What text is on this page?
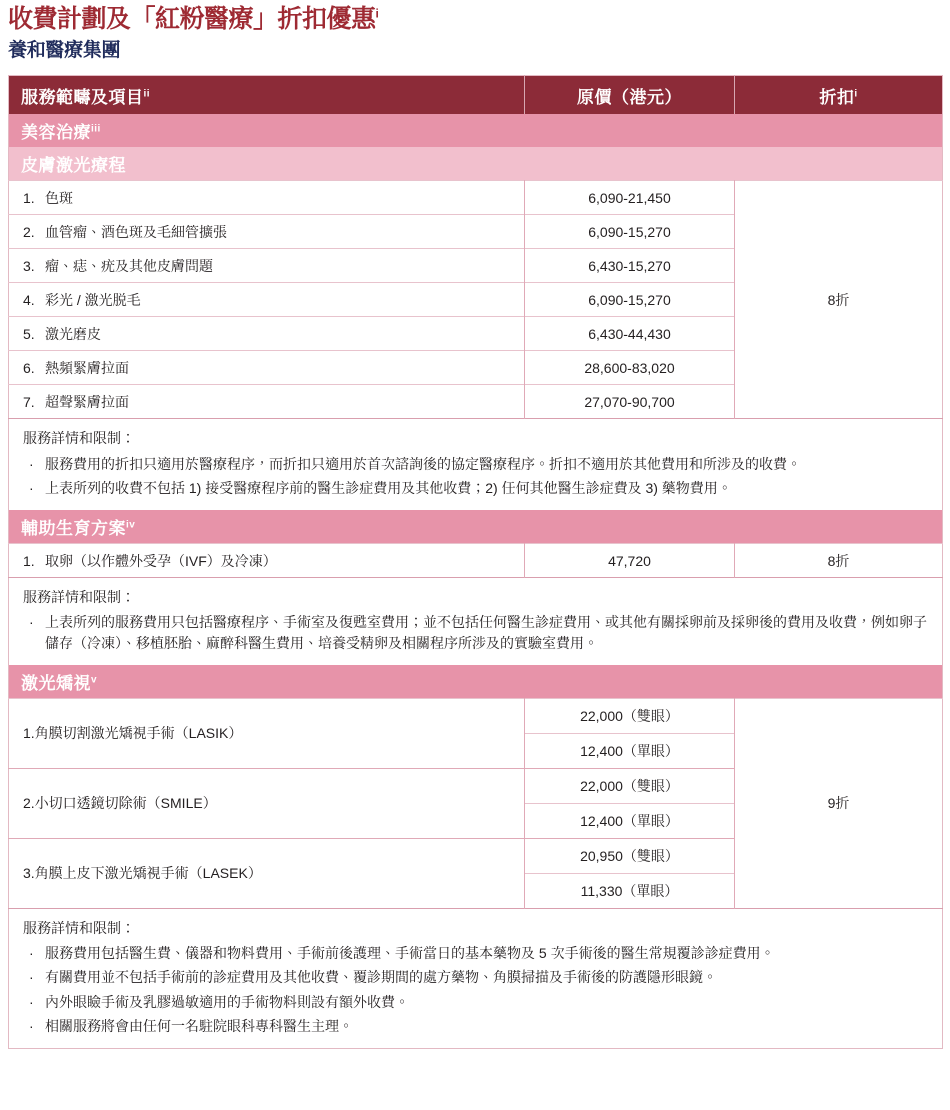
收費計劃及「紅粉醫療」折扣優惠$^i$
養和醫療集團
服務範疇及項目$^{ii}$	原價（港元）	折扣$^i$
美容治療$^{iii}$
皮膚激光療程		
1. 色斑	6,090-21,450	8折
2. 血管瘤、酒色斑及毛細管擴張	6,090-15,270	
3. 瘤、痣、疣及其他皮膚問題	6,430-15,270	
4. 彩光 / 激光脱毛	6,090-15,270	
5. 激光磨皮	6,430-44,430	
6. 熱頻緊膚拉面	28,600-83,020	
7. 超聲緊膚拉面	27,070-90,700	

服務詳情和限制：

· 服務費用的折扣只適用於醫療程序，而折扣只適用於首次諮詢後的協定醫療程序。折扣不適用於其他費用和所涉及的收費。
· 上表所列的收費不包括 1) 接受醫療程序前的醫生診症費用及其他收費；2) 任何其他醫生診症費及 3) 藥物費用。		

輔助生育方案$^{iv}$
1. 取卵（以作體外受孕（IVF）及冷凍）	47,720	8折

服務詳情和限制：

· 上表所列的服務費用只包括醫療程序、手術室及復甦室費用；並不包括任何醫生診症費用、或其他有關採卵前及採卵後的費用及收費，例如卵子儲存（冷凍）、移植胚胎、麻醉科醫生費用、培養受精卵及相關程序所涉及的實驗室費用。		

激光矯視$^v$
1.角膜切割激光矯視手術（LASIK）	22,000（雙眼）	9折
	12,400（單眼）	
2.小切口透鏡切除術（SMILE）	22,000（雙眼）	
	12,400（單眼）	
3.角膜上皮下激光矯視手術（LASEK）	20,950（雙眼）	
	11,330（單眼）	

服務詳情和限制：

· 服務費用包括醫生費、儀器和物料費用、手術前後護理、手術當日的基本藥物及 5 次手術後的醫生常規覆診診症費用。
· 有關費用並不包括手術前的診症費用及其他收費、覆診期間的處方藥物、角膜掃描及手術後的防護隱形眼鏡。
· 內外眼瞼手術及乳膠過敏適用的手術物料則設有額外收費。
· 相關服務將會由任何一名駐院眼科專科醫生主理。
